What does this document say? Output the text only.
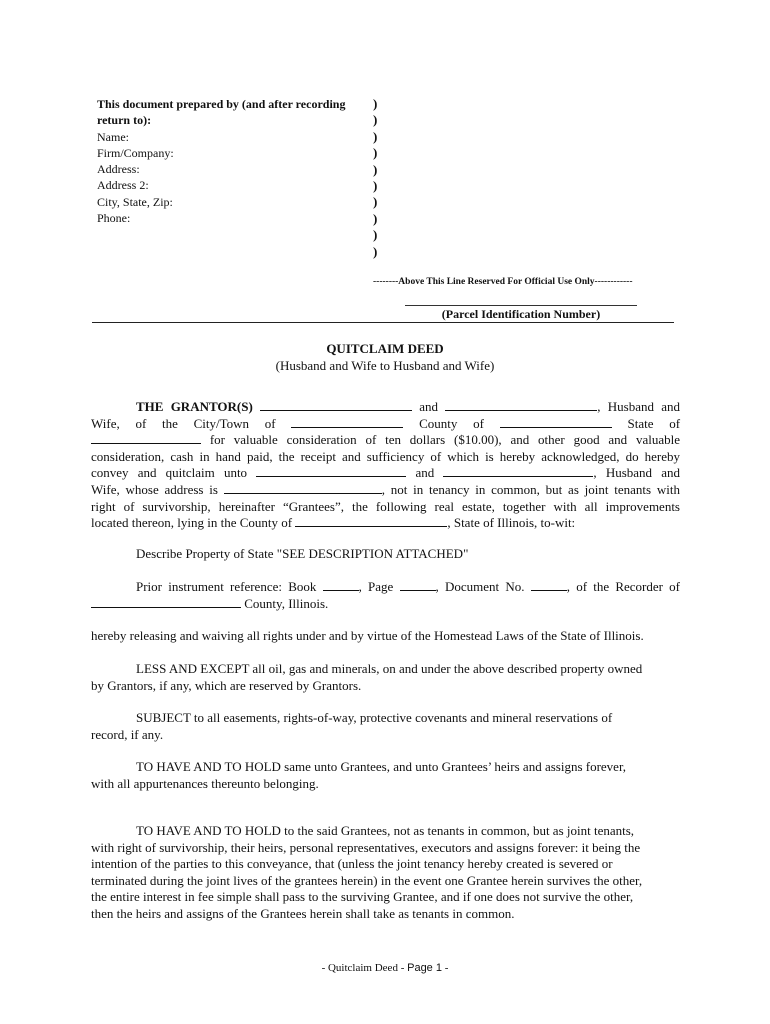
This document prepared by (and after recording
return to):
Name:
Firm/Company:
Address:
Address 2:
City, State, Zip:
Phone:
)
)
)
)
)
)
)
)
)
)
--------Above This Line Reserved For Official Use Only------------
(Parcel Identification Number)
QUITCLAIM DEED
(Husband and Wife to Husband and Wife)
THE GRANTOR(S)	and	, Husband and
Wife, of the City/Town of	County of	State of
for valuable consideration of ten dollars ($10.00), and other good and valuable
consideration, cash in hand paid, the receipt and sufficiency of which is hereby acknowledged, do hereby
convey and quitclaim unto	and	, Husband and
Wife, whose address is	, not in tenancy in common, but as joint tenants with
right of survivorship, hereinafter “Grantees”, the following real estate, together with all improvements
located thereon, lying in the County of	, State of Illinois, to-wit:
Describe Property of State "SEE DESCRIPTION ATTACHED"
Prior instrument reference: Book	, Page	, Document No.	, of the Recorder of
County, Illinois.
hereby releasing and waiving all rights under and by virtue of the Homestead Laws of the State of Illinois.
LESS AND EXCEPT all oil, gas and minerals, on and under the above described property owned
by Grantors, if any, which are reserved by Grantors.
SUBJECT to all easements, rights-of-way, protective covenants and mineral reservations of
record, if any.
TO HAVE AND TO HOLD same unto Grantees, and unto Grantees’ heirs and assigns forever,
with all appurtenances thereunto belonging.
TO HAVE AND TO HOLD to the said Grantees, not as tenants in common, but as joint tenants,
with right of survivorship, their heirs, personal representatives, executors and assigns forever: it being the
intention of the parties to this conveyance, that (unless the joint tenancy hereby created is severed or
terminated during the joint lives of the grantees herein) in the event one Grantee herein survives the other,
the entire interest in fee simple shall pass to the surviving Grantee, and if one does not survive the other,
then the heirs and assigns of the Grantees herein shall take as tenants in common.
- Quitclaim Deed - Page 1 -
